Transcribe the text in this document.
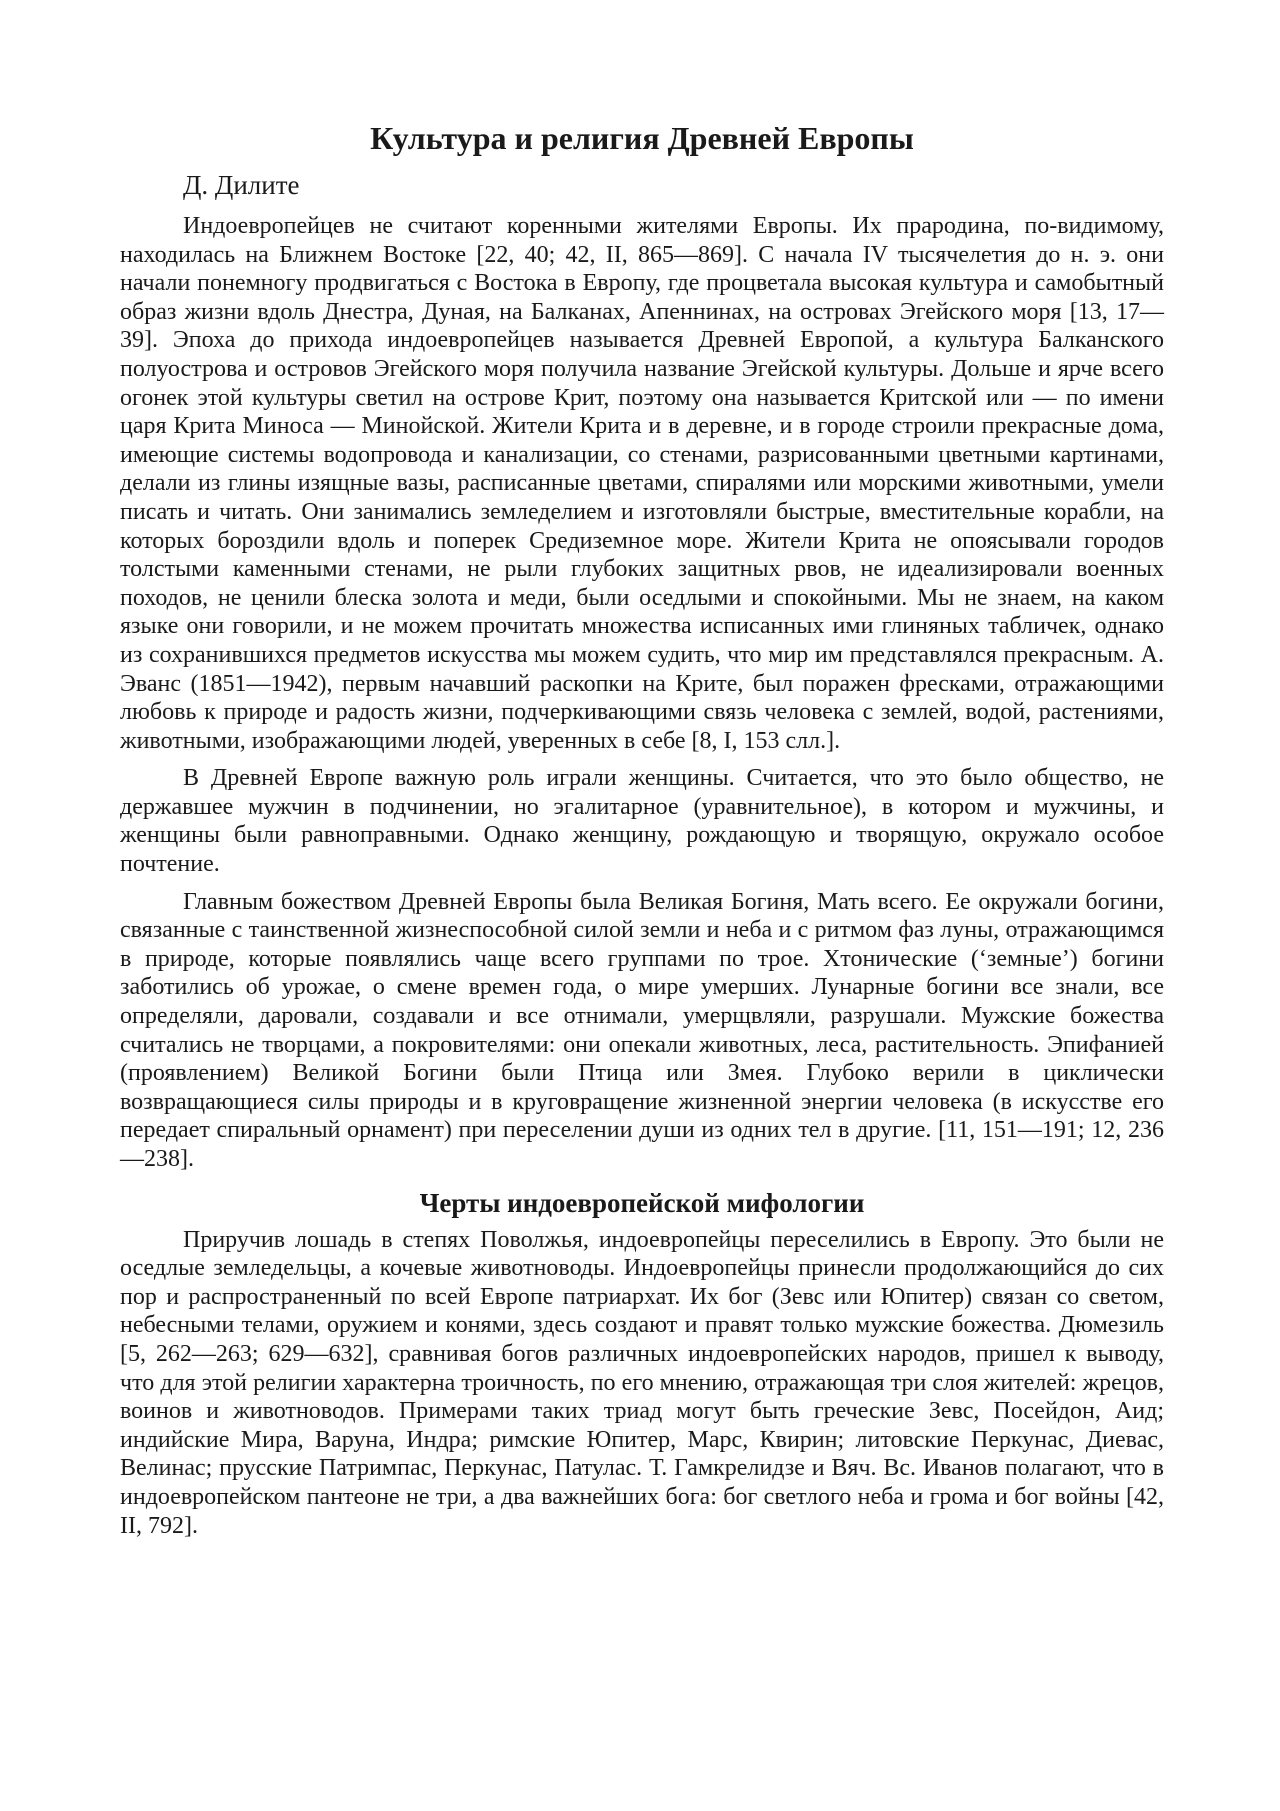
Культура и религия Древней Европы
Д. Дилите

Индоевропейцев не считают коренными жителями Европы. Их прародина, по-видимому, находилась на Ближнем Востоке [22, 40; 42, II, 865—869]. С начала IV тысячелетия до н. э. они начали понемногу продвигаться с Востока в Европу, где процветала высокая культура и самобытный образ жизни вдоль Днестра, Дуная, на Балканах, Апеннинах, на островах Эгейского моря [13, 17—39]. Эпоха до прихода индоевропейцев называется Древней Европой, а культура Балканского полуострова и островов Эгейского моря получила название Эгейской культуры. Дольше и ярче всего огонек этой культуры светил на острове Крит, поэтому она называется Критской или — по имени царя Крита Миноса — Минойской. Жители Крита и в деревне, и в городе строили прекрасные дома, имеющие системы водопровода и канализации, со стенами, разрисованными цветными картинами, делали из глины изящные вазы, расписанные цветами, спиралями или морскими животными, умели писать и читать. Они занимались земледелием и изготовляли быстрые, вместительные корабли, на которых бороздили вдоль и поперек Средиземное море. Жители Крита не опоясывали городов толстыми каменными стенами, не рыли глубоких защитных рвов, не идеализировали военных походов, не ценили блеска золота и меди, были оседлыми и спокойными. Мы не знаем, на каком языке они говорили, и не можем прочитать множества исписанных ими глиняных табличек, однако из сохранившихся предметов искусства мы можем судить, что мир им представлялся прекрасным. А. Эванс (1851—1942), первым начавший раскопки на Крите, был поражен фресками, отражающими любовь к природе и радость жизни, подчеркивающими связь человека с землей, водой, растениями, животными, изображающими людей, уверенных в себе [8, I, 153 слл.].

В Древней Европе важную роль играли женщины. Считается, что это было общество, не державшее мужчин в подчинении, но эгалитарное (уравнительное), в котором и мужчины, и женщины были равноправными. Однако женщину, рождающую и творящую, окружало особое почтение.

Главным божеством Древней Европы была Великая Богиня, Мать всего. Ее окружали богини, связанные с таинственной жизнеспособной силой земли и неба и с ритмом фаз луны, отражающимся в природе, которые появлялись чаще всего группами по трое. Хтонические (‘земные’) богини заботились об урожае, о смене времен года, о мире умерших. Лунарные богини все знали, все определяли, даровали, создавали и все отнимали, умерщвляли, разрушали. Мужские божества считались не творцами, а покровителями: они опекали животных, леса, растительность. Эпифанией (проявлением) Великой Богини были Птица или Змея. Глубоко верили в циклически возвращающиеся силы природы и в круговращение жизненной энергии человека (в искусстве его передает спиральный орнамент) при переселении души из одних тел в другие. [11, 151—191; 12, 236—238].

Черты индоевропейской мифологии

Приручив лошадь в степях Поволжья, индоевропейцы переселились в Европу. Это были не оседлые земледельцы, а кочевые животноводы. Индоевропейцы принесли продолжающийся до сих пор и распространенный по всей Европе патриархат. Их бог (Зевс или Юпитер) связан со светом, небесными телами, оружием и конями, здесь создают и правят только мужские божества. Дюмезиль [5, 262—263; 629—632], сравнивая богов различных индоевропейских народов, пришел к выводу, что для этой религии характерна троичность, по его мнению, отражающая три слоя жителей: жрецов, воинов и животноводов. Примерами таких триад могут быть греческие Зевс, Посейдон, Аид; индийские Мира, Варуна, Индра; римские Юпитер, Марс, Квирин; литовские Перкунас, Диевас, Велинас; прусские Патримпас, Перкунас, Патулас. Т. Гамкрелидзе и Вяч. Вс. Иванов полагают, что в индоевропейском пантеоне не три, а два важнейших бога: бог светлого неба и грома и бог войны [42, II, 792].
